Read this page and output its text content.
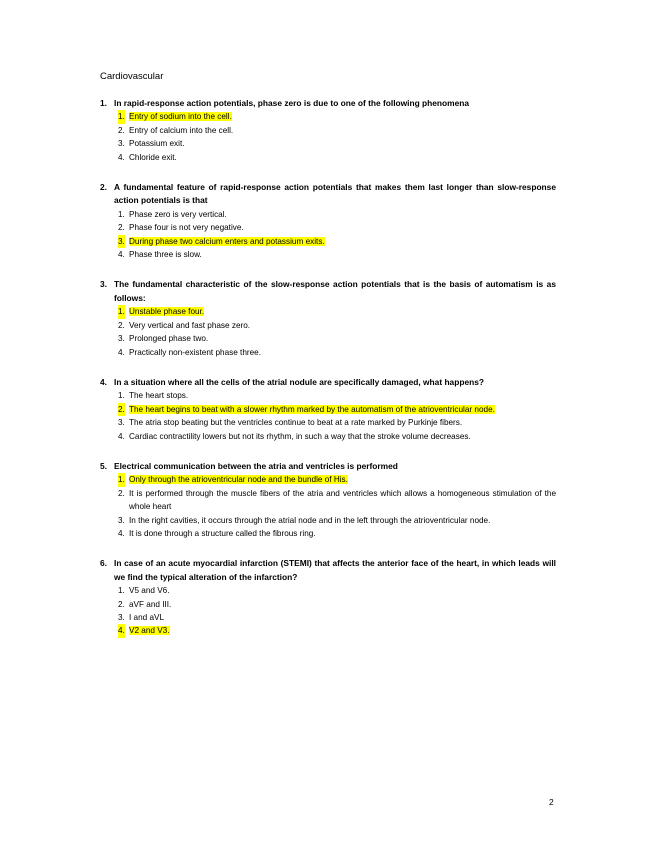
Cardiovascular
1. In rapid-response action potentials, phase zero is due to one of the following phenomena
1. Entry of sodium into the cell.
2. Entry of calcium into the cell.
3. Potassium exit.
4. Chloride exit.
2. A fundamental feature of rapid-response action potentials that makes them last longer than slow-response action potentials is that
1. Phase zero is very vertical.
2. Phase four is not very negative.
3. During phase two calcium enters and potassium exits.
4. Phase three is slow.
3. The fundamental characteristic of the slow-response action potentials that is the basis of automatism is as follows:
1. Unstable phase four.
2. Very vertical and fast phase zero.
3. Prolonged phase two.
4. Practically non-existent phase three.
4. In a situation where all the cells of the atrial nodule are specifically damaged, what happens?
1. The heart stops.
2. The heart begins to beat with a slower rhythm marked by the automatism of the atrioventricular node.
3. The atria stop beating but the ventricles continue to beat at a rate marked by Purkinje fibers.
4. Cardiac contractility lowers but not its rhythm, in such a way that the stroke volume decreases.
5. Electrical communication between the atria and ventricles is performed
1. Only through the atrioventricular node and the bundle of His.
2. It is performed through the muscle fibers of the atria and ventricles which allows a homogeneous stimulation of the whole heart
3. In the right cavities, it occurs through the atrial node and in the left through the atrioventricular node.
4. It is done through a structure called the fibrous ring.
6. In case of an acute myocardial infarction (STEMI) that affects the anterior face of the heart, in which leads will we find the typical alteration of the infarction?
1. V5 and V6.
2. aVF and III.
3. I and aVL
4. V2 and V3.
2
